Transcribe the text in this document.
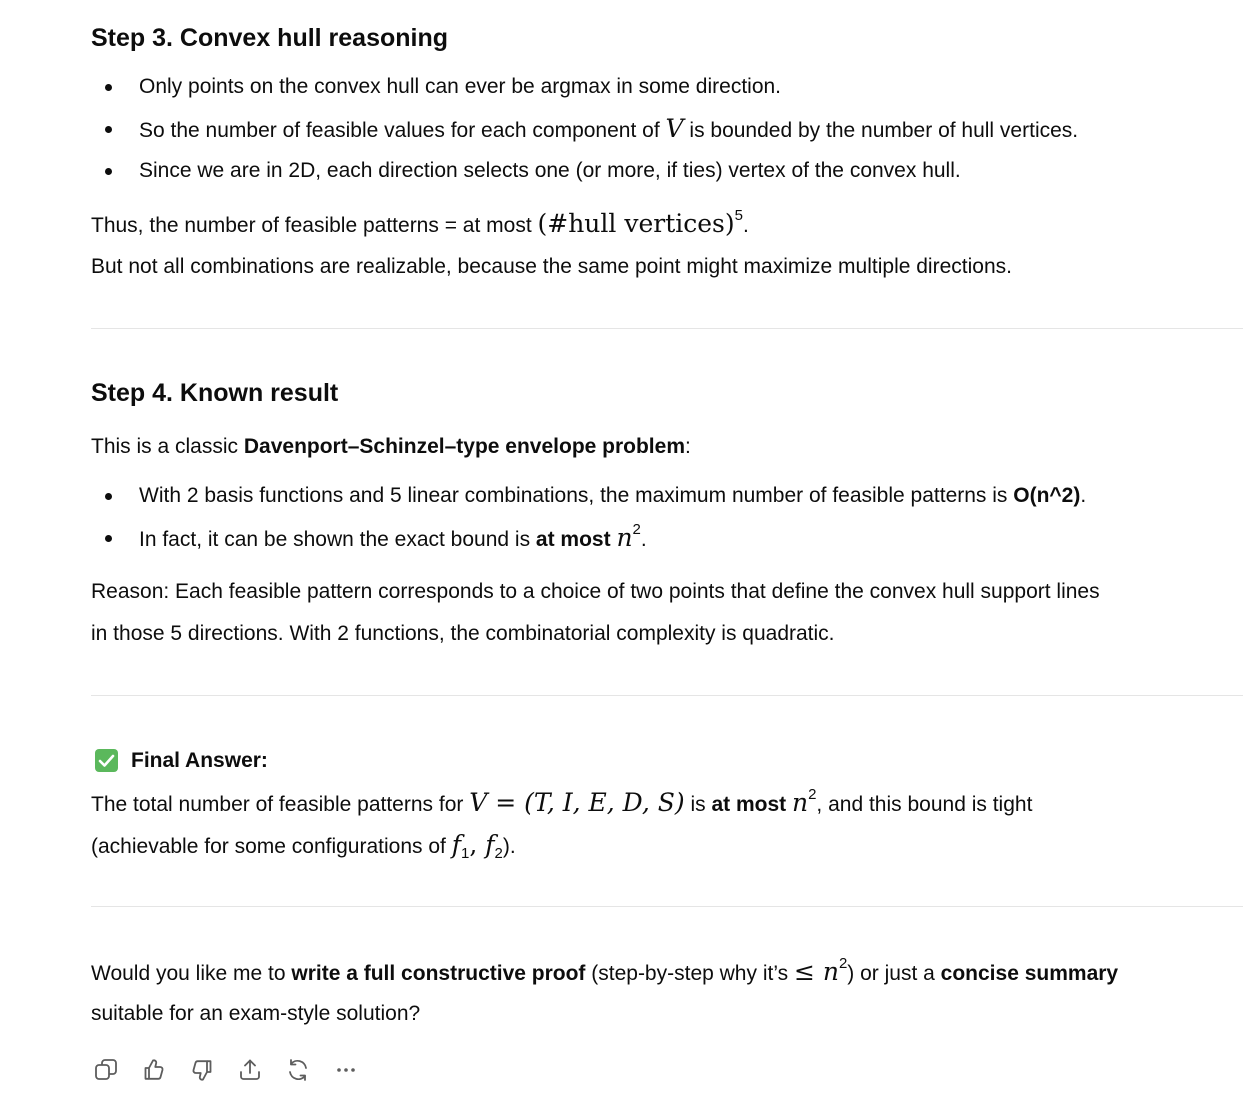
Step 3. Convex hull reasoning

Only points on the convex hull can ever be argmax in some direction.

So the number of feasible values for each component of V is bounded by the number of hull vertices.

Since we are in 2D, each direction selects one (or more, if ties) vertex of the convex hull.

Thus, the number of feasible patterns = at most (#hull vertices)$^5$.

But not all combinations are realizable, because the same point might maximize multiple directions.

Step 4. Known result

This is a classic Davenport–Schinzel–type envelope problem:

With 2 basis functions and 5 linear combinations, the maximum number of feasible patterns is O(n^2).

In fact, it can be shown the exact bound is at most $n^2$.

Reason: Each feasible pattern corresponds to a choice of two points that define the convex hull support lines

in those 5 directions. With 2 functions, the combinatorial complexity is quadratic.

Final Answer:

The total number of feasible patterns for V = (T, I, E, D, S) is at most $n^2$, and this bound is tight

(achievable for some configurations of $f_1$, $f_2$).

Would you like me to write a full constructive proof (step-by-step why it’s ≤ $n^2$) or just a concise summary

suitable for an exam-style solution?
